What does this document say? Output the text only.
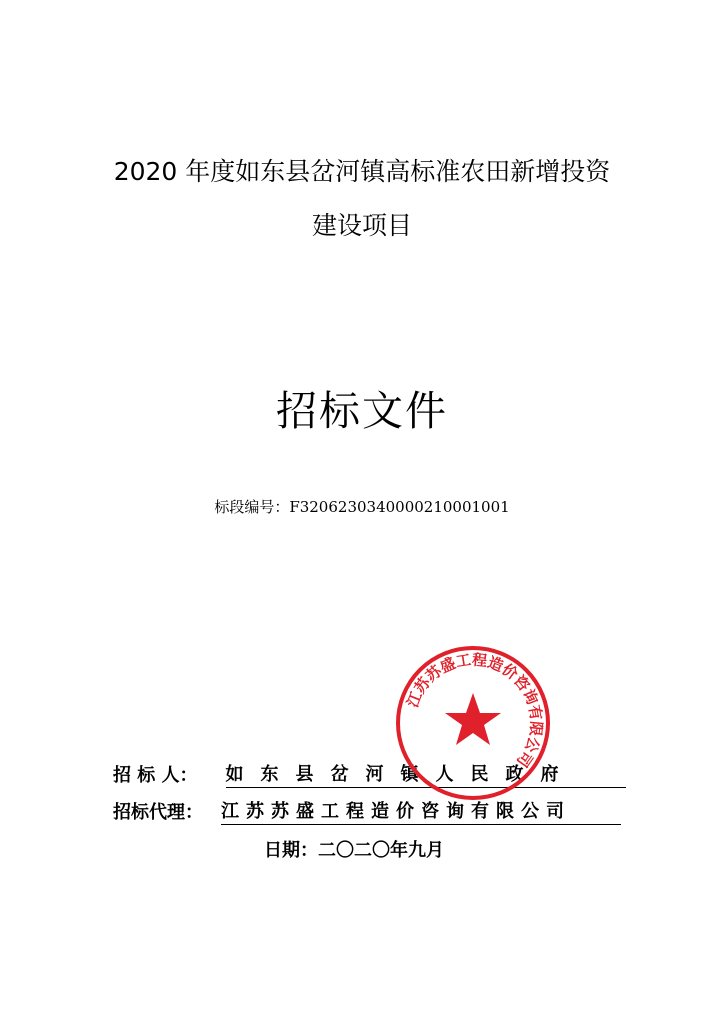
2020 年度如东县岔河镇高标准农田新增投资
建设项目
招标文件
标段编号：F3206230340000210001001
招 标 人： 如东县岔河镇人民政府
招标代理： 江苏苏盛工程造价咨询有限公司
日期：二〇二〇年九月
江苏苏盛工程造价咨询有限公司
